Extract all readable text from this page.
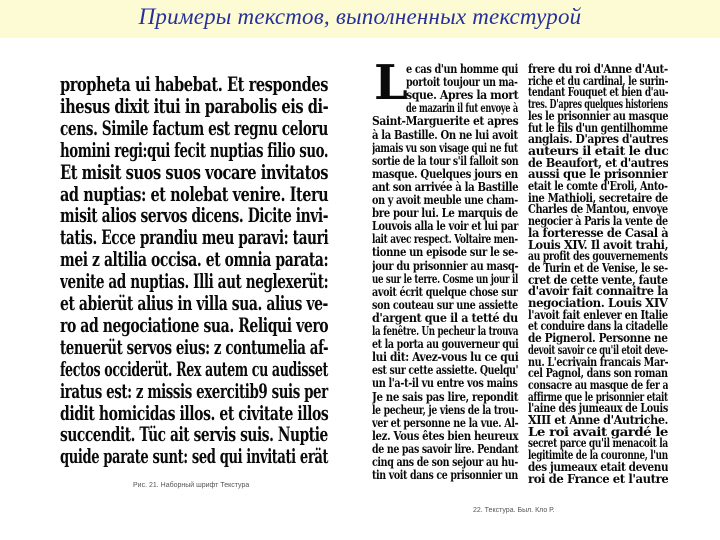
Примеры текстов, выполненных текстурой
propheta ui habebat. Et respondes
ihesus dixit itui in parabolis eis di-
cens. Simile factum est regnu celoru
homini regi:qui fecit nuptias filio suo.
Et misit suos suos vocare invitatos
ad nuptias: et nolebat venire. Iteru
misit alios servos dicens. Dicite invi-
tatis. Ecce prandiu meu paravi: tauri
mei z altilia occisa. et omnia parata:
venite ad nuptias. Illi aut neglexerüt:
et abierüt alius in villa sua. alius ve-
ro ad negociatione sua. Reliqui vero
tenuerüt servos eius: z contumelia af-
fectos occiderüt. Rex autem cu audisset
iratus est: z missis exercitib9 suis per
didit homicidas illos. et civitate illos
succendit. Tüc ait servis suis. Nuptie
quide parate sunt: sed qui invitati erät
Рис. 21. Наборный шрифт Текстура
L
e cas d'un homme qui
portoit toujour un ma-
sque. Apres la mort
de mazarin il fut envoye à
Saint-Marguerite et apres
à la Bastille. On ne lui avoit
jamais vu son visage qui ne fut
sortie de la tour s'il falloit son
masque. Quelques jours en
ant son arrivée à la Bastille
on y avoit meuble une cham-
bre pour lui. Le marquis de
Louvois alla le voir et lui par
lait avec respect. Voltaire men-
tionne un episode sur le se-
jour du prisonnier au masq-
ue sur le terre. Cosme un jour il
avoit écrit quelque chose sur
son couteau sur une assiette
d'argent que il a tetté du
la fenêtre. Un pecheur la trouva
et la porta au gouverneur qui
lui dit: Avez-vous lu ce qui
est sur cette assiette. Quelqu'
un l'a-t-il vu entre vos mains
Je ne sais pas lire, repondit
le pecheur, je viens de la trou-
ver et personne ne la vue. Al-
lez. Vous êtes bien heureux
de ne pas savoir lire. Pendant
cinq ans de son sejour au hu-
tin voit dans ce prisonnier un
frere du roi d'Anne d'Aut-
riche et du cardinal, le surin-
tendant Fouquet et bien d'au-
tres. D'apres quelques historiens
les le prisonnier au masque
fut le fils d'un gentilhomme
anglais. D'apres d'autres
auteurs il etait le duc
de Beaufort, et d'autres
aussi que le prisonnier
etait le comte d'Eroli, Anto-
ine Mathioli, secretaire de
Charles de Mantou, envoye
negocier à Paris la vente de
la forteresse de Casal à
Louis XIV. Il avoit trahi,
au profit des gouvernements
de Turin et de Venise, le se-
cret de cette vente, faute
d'avoir fait connaitre la
negociation. Louis XIV
l'avoit fait enlever en Italie
et conduire dans la citadelle
de Pignerol. Personne ne
devoit savoir ce qu'il etoit deve-
nu. L'ecrivain francais Mar-
cel Pagnol, dans son roman
consacre au masque de fer a
affirme que le prisonnier etait
l'aine des jumeaux de Louis
XIII et Anne d'Autriche.
Le roi avait gardé le
secret parce qu'il menacoit la
legitimite de la couronne, l'un
des jumeaux etait devenu
roi de France et l'autre
22. Текстура. Был. Кло Р.
